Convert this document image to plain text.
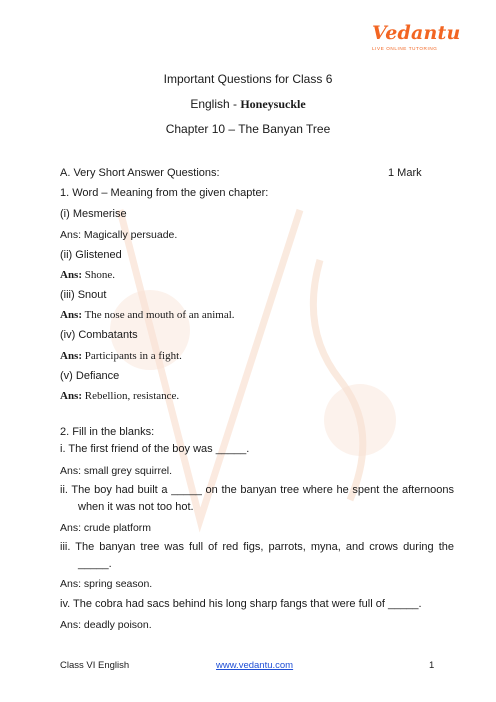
Vedantu
LIVE ONLINE TUTORING
Important Questions for Class 6
English - Honeysuckle
Chapter 10 – The Banyan Tree
A. Very Short Answer Questions:	1 Mark
1. Word – Meaning from the given chapter:
(i) Mesmerise
Ans: Magically persuade.
(ii) Glistened
Ans: Shone.
(iii) Snout
Ans: The nose and mouth of an animal.
(iv) Combatants
Ans: Participants in a fight.
(v) Defiance
Ans: Rebellion, resistance.
2. Fill in the blanks:
i. The first friend of the boy was _____.
Ans: small grey squirrel.
ii. The boy had built a _____ on the banyan tree where he spent the afternoons when it was not too hot.
Ans: crude platform
iii. The banyan tree was full of red figs, parrots, myna, and crows during the _____.
Ans: spring season.
iv. The cobra had sacs behind his long sharp fangs that were full of _____.
Ans: deadly poison.
Class VI English	www.vedantu.com	1
